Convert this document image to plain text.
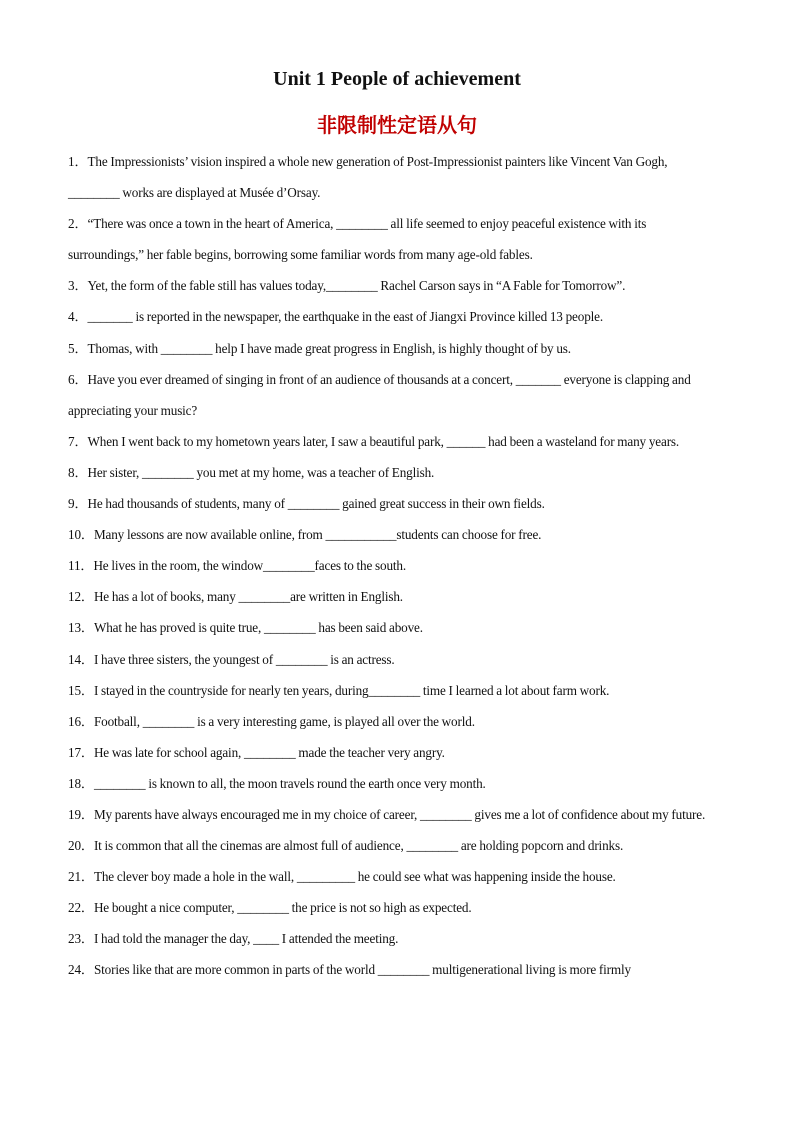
Unit 1 People of achievement
非限制性定语从句
1．The Impressionists’ vision inspired a whole new generation of Post-Impressionist painters like Vincent Van Gogh, ________ works are displayed at Musée d’Orsay.
2．“There was once a town in the heart of America, ________ all life seemed to enjoy peaceful existence with its surroundings,” her fable begins, borrowing some familiar words from many age-old fables.
3．Yet, the form of the fable still has values today,________ Rachel Carson says in “A Fable for Tomorrow”.
4．_______ is reported in the newspaper, the earthquake in the east of Jiangxi Province killed 13 people.
5．Thomas, with ________ help I have made great progress in English, is highly thought of by us.
6．Have you ever dreamed of singing in front of an audience of thousands at a concert, _______ everyone is clapping and appreciating your music?
7．When I went back to my hometown years later, I saw a beautiful park, ______ had been a wasteland for many years.
8．Her sister, ________ you met at my home, was a teacher of English.
9．He had thousands of students, many of ________ gained great success in their own fields.
10．Many lessons are now available online, from ___________students can choose for free.
11．He lives in the room, the window________faces to the south.
12．He has a lot of books, many ________are written in English.
13．What he has proved is quite true, ________ has been said above.
14．I have three sisters, the youngest of ________ is an actress.
15．I stayed in the countryside for nearly ten years, during________ time I learned a lot about farm work.
16．Football, ________ is a very interesting game, is played all over the world.
17．He was late for school again, ________ made the teacher very angry.
18．________ is known to all, the moon travels round the earth once very month.
19．My parents have always encouraged me in my choice of career, ________ gives me a lot of confidence about my future.
20．It is common that all the cinemas are almost full of audience, ________ are holding popcorn and drinks.
21．The clever boy made a hole in the wall, _________ he could see what was happening inside the house.
22．He bought a nice computer, ________ the price is not so high as expected.
23．I had told the manager the day, ____ I attended the meeting.
24．Stories like that are more common in parts of the world ________ multigenerational living is more firmly
